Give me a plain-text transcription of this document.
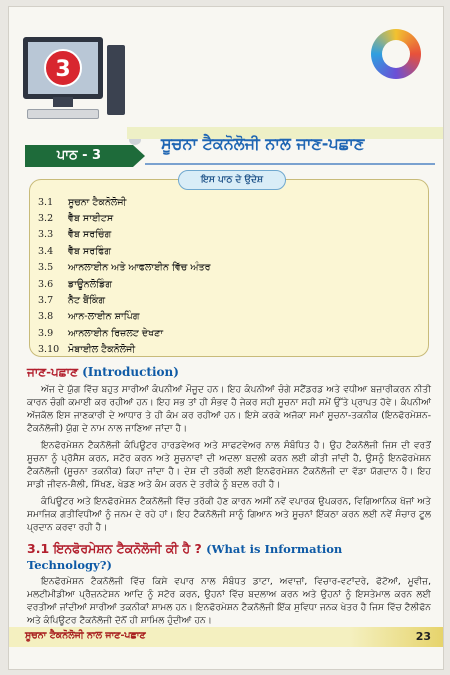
3
ਪਾਠ - 3
ਸੂਚਨਾ ਟੈਕਨੋਲੋਜੀ ਨਾਲ ਜਾਣ-ਪਛਾਣ
ਇਸ ਪਾਠ ਦੇ ਉਦੇਸ਼
3.1	ਸੂਚਨਾ ਟੈਕਨੋਲੋਜੀ
3.2	ਵੈੱਬ ਸਾਈਟਸ
3.3	ਵੈੱਬ ਸਰਚਿੰਗ
3.4	ਵੈੱਬ ਸਰਫਿੰਗ
3.5	ਆਨਲਾਈਨ ਅਤੇ ਆਫਲਾਈਨ ਵਿੱਚ ਅੰਤਰ
3.6	ਡਾਊਨਲੋਡਿੰਗ
3.7	ਨੈੱਟ ਬੈਂਕਿੰਗ
3.8	ਆਨ-ਲਾਈਨ ਸ਼ਾਪਿੰਗ
3.9	ਆਨਲਾਈਨ ਰਿਜ਼ਲਟ ਦੇਖਣਾ
3.10 ਮੋਬਾਈਲ ਟੈਕਨੋਲੋਜੀ
ਜਾਣ-ਪਛਾਣ (Introduction)

ਅੱਜ ਦੇ ਯੁੱਗ ਵਿੱਚ ਬਹੁਤ ਸਾਰੀਆਂ ਕੰਪਨੀਆਂ ਮੌਜੂਦ ਹਨ। ਇਹ ਕੰਪਨੀਆਂ ਚੰਗੇ ਸਟੈਂਡਰਡ ਅਤੇ ਵਧੀਆ ਬਜ਼ਾਰੀਕਰਨ ਨੀਤੀ ਕਾਰਨ ਚੰਗੀ ਕਮਾਈ ਕਰ ਰਹੀਆਂ ਹਨ। ਇਹ ਸਭ ਤਾਂ ਹੀ ਸੰਭਵ ਹੈ ਜੇਕਰ ਸਹੀ ਸੂਚਨਾ ਸਹੀ ਸਮੇਂ ਉੱਤੇ ਪ੍ਰਾਪਤ ਹੋਵੇ। ਕੰਪਨੀਆਂ ਅੱਜਕੱਲ ਇਸ ਜਾਣਕਾਰੀ ਦੇ ਆਧਾਰ ਤੇ ਹੀ ਕੰਮ ਕਰ ਰਹੀਆਂ ਹਨ। ਇਸੇ ਕਰਕੇ ਅਜੋਕਾ ਸਮਾਂ ਸੂਚਨਾ-ਤਕਨੀਕ (ਇਨਫੋਰਮੇਸ਼ਨ-ਟੈਕਨੋਲੋਜੀ) ਯੁੱਗ ਦੇ ਨਾਮ ਨਾਲ ਜਾਣਿਆ ਜਾਂਦਾ ਹੈ।

ਇਨਫੋਰਮੇਸ਼ਨ ਟੈਕਨੋਲੋਜੀ ਕੰਪਿਊਟਰ ਹਾਰਡਵੇਅਰ ਅਤੇ ਸਾਫਟਵੇਅਰ ਨਾਲ ਸੰਬੰਧਿਤ ਹੈ। ਉਹ ਟੈਕਨੋਲੋਜੀ ਜਿਸ ਦੀ ਵਰਤੋਂ ਸੂਚਨਾ ਨੂੰ ਪ੍ਰੋਸੈਸ ਕਰਨ, ਸਟੋਰ ਕਰਨ ਅਤੇ ਸੂਚਨਾਵਾਂ ਦੀ ਅਦਲਾ ਬਦਲੀ ਕਰਨ ਲਈ ਕੀਤੀ ਜਾਂਦੀ ਹੈ, ਉਸਨੂੰ ਇਨਫੋਰਮੇਸ਼ਨ ਟੈਕਨੋਲੋਜੀ (ਸੂਚਨਾ ਤਕਨੀਕ) ਕਿਹਾ ਜਾਂਦਾ ਹੈ। ਦੇਸ਼ ਦੀ ਤਰੱਕੀ ਲਈ ਇਨਫੋਰਮੇਸ਼ਨ ਟੈਕਨੋਲੋਜੀ ਦਾ ਵੱਡਾ ਯੋਗਦਾਨ ਹੈ। ਇਹ ਸਾਡੀ ਜੀਵਨ-ਸ਼ੈਲੀ, ਸਿੱਖਣ, ਖੇਡਣ ਅਤੇ ਕੰਮ ਕਰਨ ਦੇ ਤਰੀਕੇ ਨੂੰ ਬਦਲ ਰਹੀ ਹੈ।

ਕੰਪਿਊਟਰ ਅਤੇ ਇਨਫੋਰਮੇਸ਼ਨ ਟੈਕਨੋਲੋਜੀ ਵਿੱਚ ਤਰੱਕੀ ਹੋਣ ਕਾਰਨ ਅਸੀਂ ਨਵੇਂ ਵਪਾਰਕ ਉਪਕਰਨ, ਵਿਗਿਆਨਿਕ ਖੋਜਾਂ ਅਤੇ ਸਮਾਜਿਕ ਗਤੀਵਿਧੀਆਂ ਨੂੰ ਜਨਮ ਦੇ ਰਹੇ ਹਾਂ। ਇਹ ਟੈਕਨੋਲੋਜੀ ਸਾਨੂੰ ਗਿਆਨ ਅਤੇ ਸੂਚਨਾਂ ਇੱਕਠਾ ਕਰਨ ਲਈ ਨਵੇਂ ਸੰਚਾਰ ਟੂਲ ਪ੍ਰਦਾਨ ਕਰਵਾ ਰਹੀ ਹੈ।

3.1 ਇਨਫੋਰਮੇਸ਼ਨ ਟੈਕਨੋਲੋਜੀ ਕੀ ਹੈ ? (What is Information Technology?)

ਇਨਫੋਰਮੇਸ਼ਨ ਟੈਕਨੋਲੋਜੀ ਵਿੱਚ ਕਿਸੇ ਵਪਾਰ ਨਾਲ ਸੰਬੰਧਤ ਡਾਟਾ, ਅਵਾਜ਼ਾਂ, ਵਿਚਾਰ-ਵਟਾਂਦਰੇ, ਫੋਟੋਆਂ, ਮੂਵੀਜ਼, ਮਲਟੀਮੀਡੀਆ ਪ੍ਰੈਜ਼ਨਟੇਸ਼ਨ ਆਦਿ ਨੂੰ ਸਟੋਰ ਕਰਨ, ਉਹਨਾਂ ਵਿੱਚ ਬਦਲਾਅ ਕਰਨ ਅਤੇ ਉਹਨਾਂ ਨੂੰ ਇਸਤੇਮਾਲ ਕਰਨ ਲਈ ਵਰਤੀਆਂ ਜਾਂਦੀਆਂ ਸਾਰੀਆਂ ਤਕਨੀਕਾਂ ਸ਼ਾਮਲ ਹਨ। ਇਨਫੋਰਮੇਸ਼ਨ ਟੈਕਨੋਲੋਜੀ ਇੱਕ ਸੁਵਿਧਾ ਜਨਕ ਖੇਤਰ ਹੈ ਜਿਸ ਵਿੱਚ ਟੈਲੀਫੋਨ ਅਤੇ ਕੰਪਿਊਟਰ ਟੈਕਨੋਲੋਜੀ ਦੋਨੋਂ ਹੀ ਸ਼ਾਮਿਲ ਹੁੰਦੀਆਂ ਹਨ।

ਸੂਚਨਾ ਟੈਕਨੋਲੋਜੀ ਨਾਲ ਜਾਣ-ਪਛਾਣ	23
